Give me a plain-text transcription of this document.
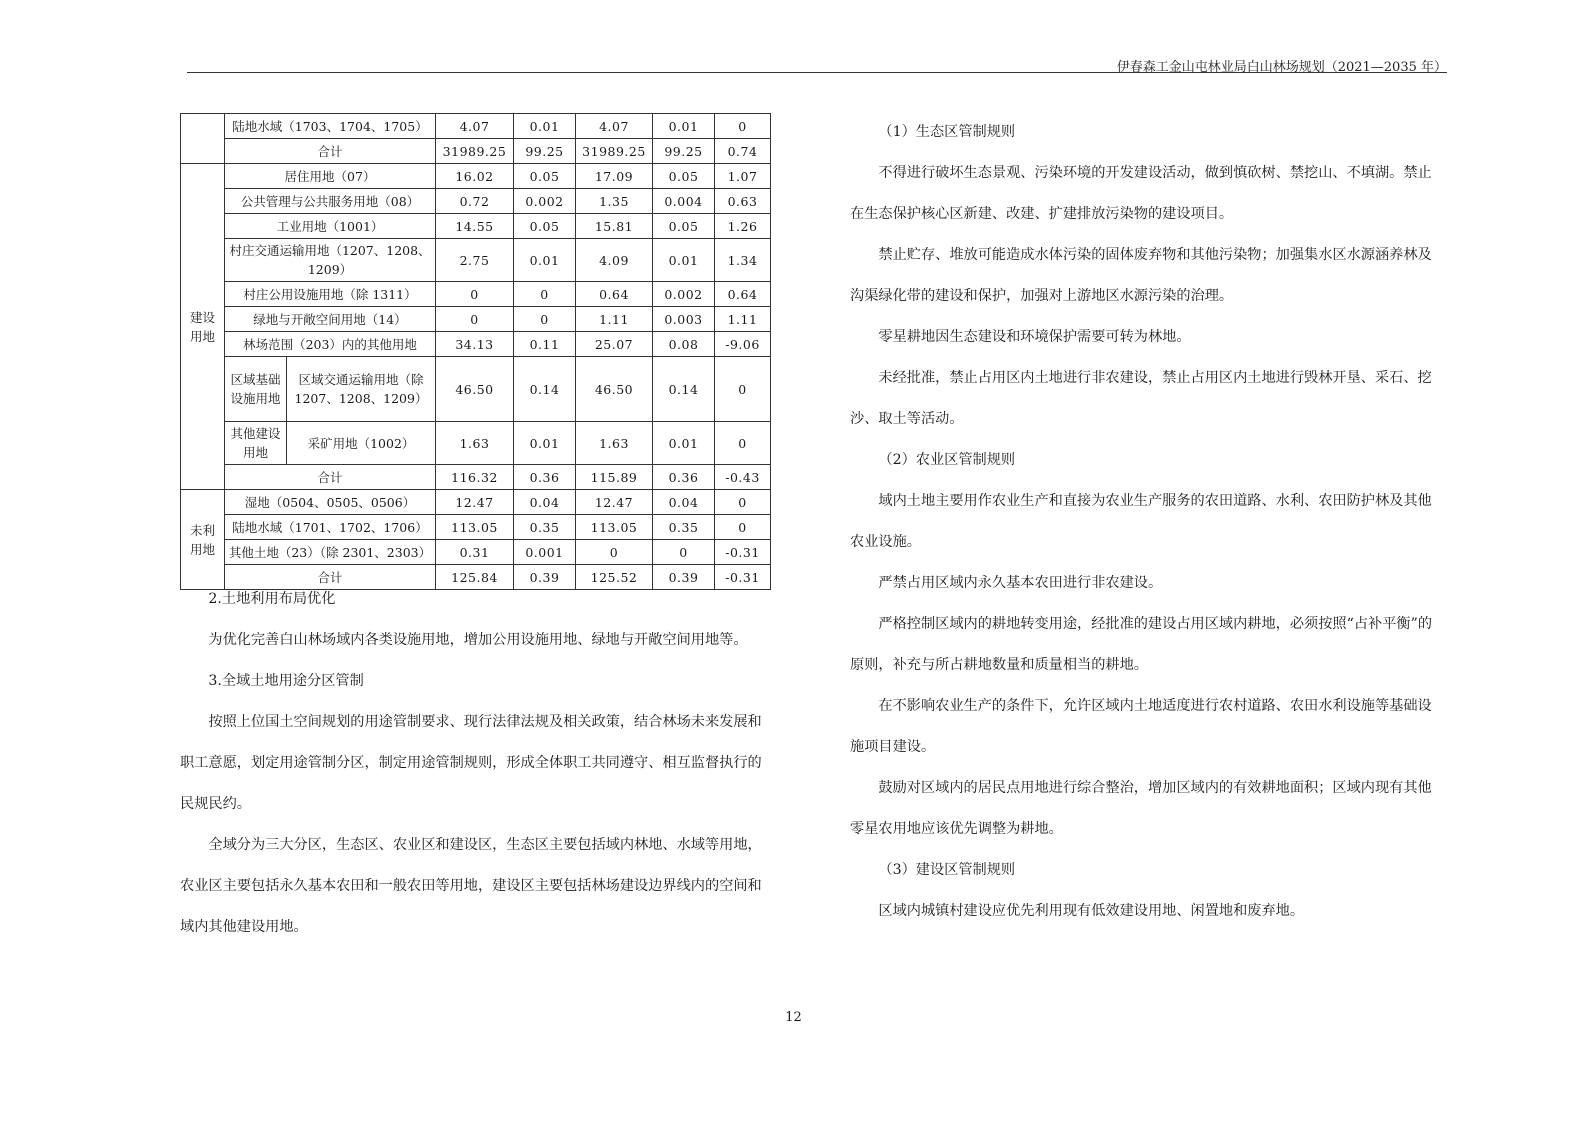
伊春森工金山屯林业局白山林场规划（2021—2035 年）
	陆地水域（1703、1704、1705）		4.07	0.01	4.07	0.01	0
	合计		31989.25	99.25	31989.25	99.25	0.74
建设
用地	居住用地（07）		16.02	0.05	17.09	0.05	1.07
	公共管理与公共服务用地（08）		0.72	0.002	1.35	0.004	0.63
	工业用地（1001）		14.55	0.05	15.81	0.05	1.26
	村庄交通运输用地（1207、1208、1209）		2.75	0.01	4.09	0.01	1.34
	村庄公用设施用地（除 1311）		0	0	0.64	0.002	0.64
	绿地与开敞空间用地（14）		0	0	1.11	0.003	1.11
	林场范围（203）内的其他用地		34.13	0.11	25.07	0.08	-9.06
	区域基础设施用地	区域交通运输用地（除 1207、1208、1209）	46.50	0.14	46.50	0.14	0
	其他建设用地	采矿用地（1002）	1.63	0.01	1.63	0.01	0
	合计		116.32	0.36	115.89	0.36	-0.43
未利
用地	湿地（0504、0505、0506）		12.47	0.04	12.47	0.04	0
	陆地水域（1701、1702、1706）		113.05	0.35	113.05	0.35	0
	其他土地（23）（除 2301、2303）		0.31	0.001	0	0	-0.31
	合计		125.84	0.39	125.52	0.39	-0.31

2.土地利用布局优化

为优化完善白山林场域内各类设施用地，增加公用设施用地、绿地与开敞空间用地等。

3.全域土地用途分区管制

按照上位国土空间规划的用途管制要求、现行法律法规及相关政策，结合林场未来发展和职工意愿，划定用途管制分区，制定用途管制规则，形成全体职工共同遵守、相互监督执行的民规民约。

全域分为三大分区，生态区、农业区和建设区，生态区主要包括域内林地、水域等用地，农业区主要包括永久基本农田和一般农田等用地，建设区主要包括林场建设边界线内的空间和域内其他建设用地。

（1）生态区管制规则

不得进行破坏生态景观、污染环境的开发建设活动，做到慎砍树、禁挖山、不填湖。禁止在生态保护核心区新建、改建、扩建排放污染物的建设项目。

禁止贮存、堆放可能造成水体污染的固体废弃物和其他污染物；加强集水区水源涵养林及沟渠绿化带的建设和保护，加强对上游地区水源污染的治理。

零星耕地因生态建设和环境保护需要可转为林地。

未经批准，禁止占用区内土地进行非农建设，禁止占用区内土地进行毁林开垦、采石、挖沙、取土等活动。

（2）农业区管制规则

域内土地主要用作农业生产和直接为农业生产服务的农田道路、水利、农田防护林及其他农业设施。

严禁占用区域内永久基本农田进行非农建设。

严格控制区域内的耕地转变用途，经批准的建设占用区域内耕地，必须按照“占补平衡”的原则，补充与所占耕地数量和质量相当的耕地。

在不影响农业生产的条件下，允许区域内土地适度进行农村道路、农田水利设施等基础设施项目建设。

鼓励对区域内的居民点用地进行综合整治，增加区域内的有效耕地面积；区域内现有其他零星农用地应该优先调整为耕地。

（3）建设区管制规则

区域内城镇村建设应优先利用现有低效建设用地、闲置地和废弃地。

12
